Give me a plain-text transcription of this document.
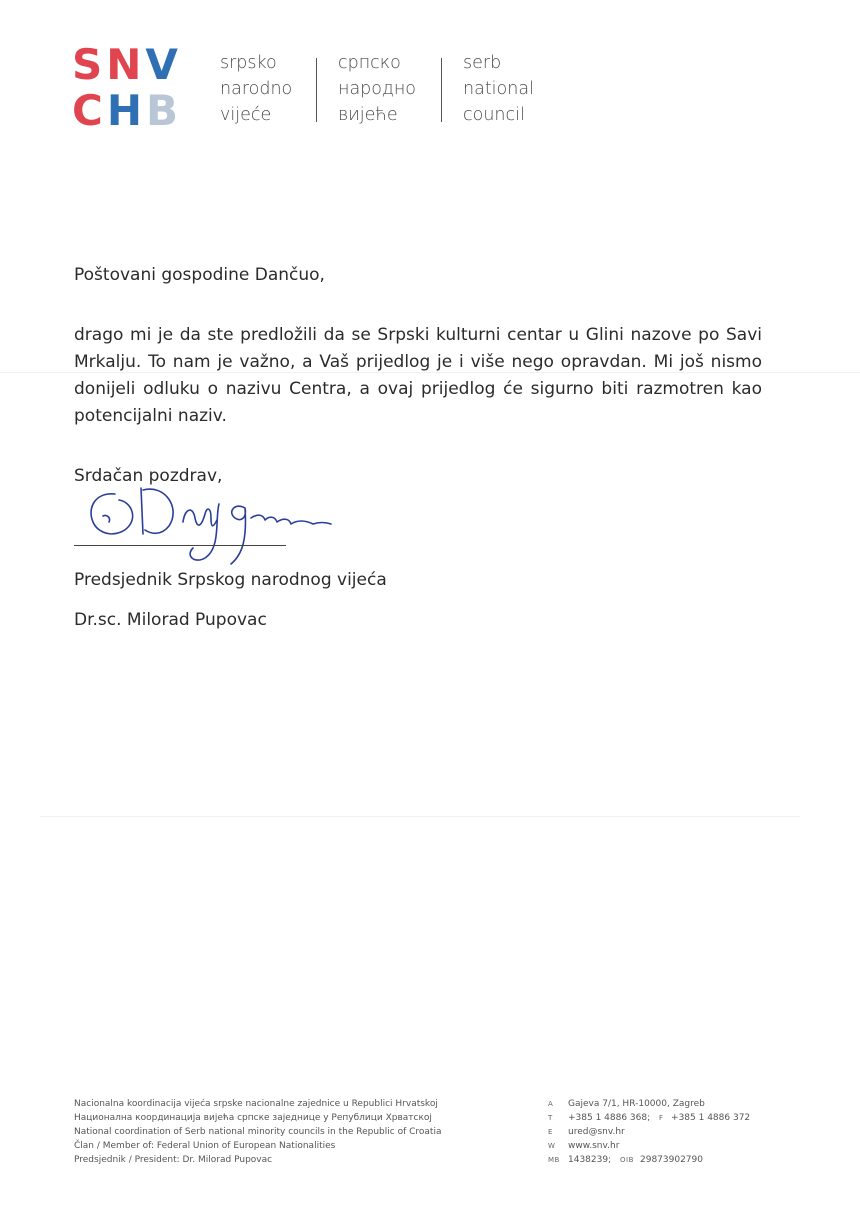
SNV
CHB
srpsko
narodno
vijeće
српско
народно
вијеће
serb
national
council
Poštovani gospodine Dančuo,
drago mi je da ste predložili da se Srpski kulturni centar u Glini nazove po Savi Mrkalju. To nam je važno, a Vaš prijedlog je i više nego opravdan. Mi još nismo donijeli odluku o nazivu Centra, a ovaj prijedlog će sigurno biti razmotren kao potencijalni naziv.
Srdačan pozdrav,
Predsjednik Srpskog narodnog vijeća
Dr.sc. Milorad Pupovac
Nacionalna koordinacija vijeća srpske nacionalne zajednice u Republici Hrvatskoj
Национална координација вијећа српске заједнице у Републици Хрватској
National coordination of Serb national minority councils in the Republic of Croatia
Član / Member of: Federal Union of European Nationalities
Predsjednik / President: Dr. Milorad Pupovac
A Gajeva 7/1, HR-10000, Zagreb
T +385 1 4886 368; F +385 1 4886 372
E ured@snv.hr
W www.snv.hr
MB 1438239; OIB 29873902790
